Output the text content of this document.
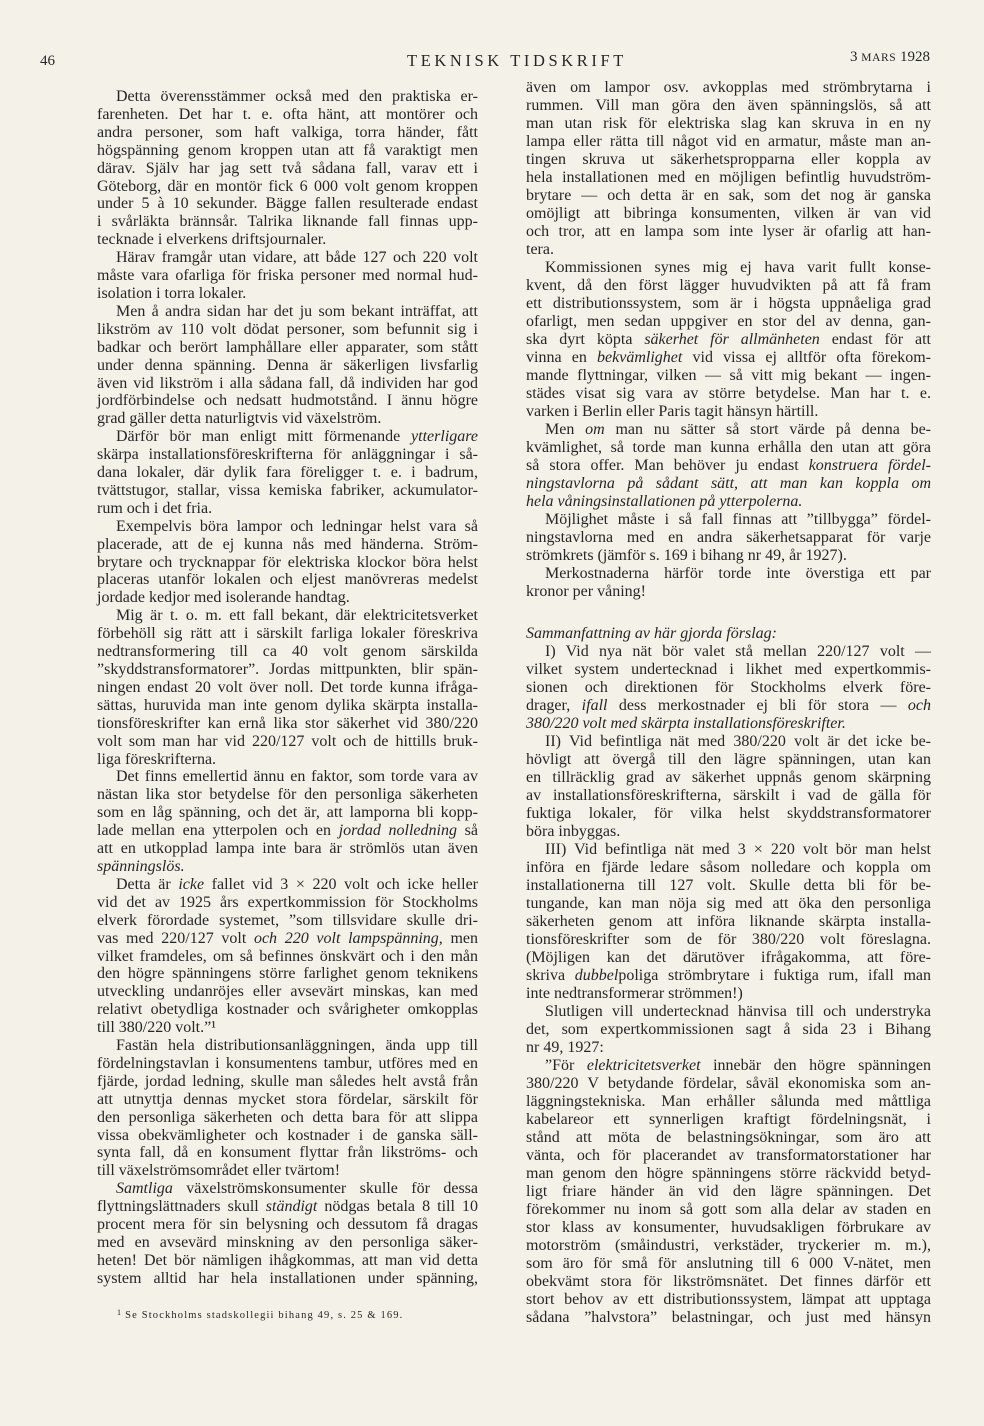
46	TEKNISK TIDSKRIFT	3 MARS 1928
Detta överensstämmer också med den praktiska er-
farenheten. Det har t. e. ofta hänt, att montörer och
andra personer, som haft valkiga, torra händer, fått
högspänning genom kroppen utan att få varaktigt men
därav. Själv har jag sett två sådana fall, varav ett i
Göteborg, där en montör fick 6 000 volt genom kroppen
under 5 à 10 sekunder. Bägge fallen resulterade endast
i svårläkta brännsår. Talrika liknande fall finnas upp-
tecknade i elverkens driftsjournaler.
Härav framgår utan vidare, att både 127 och 220 volt
måste vara ofarliga för friska personer med normal hud-
isolation i torra lokaler.
Men å andra sidan har det ju som bekant inträffat, att
likström av 110 volt dödat personer, som befunnit sig i
badkar och berört lamphållare eller apparater, som stått
under denna spänning. Denna är säkerligen livsfarlig
även vid likström i alla sådana fall, då individen har god
jordförbindelse och nedsatt hudmotstånd. I ännu högre
grad gäller detta naturligtvis vid växelström.
Därför bör man enligt mitt förmenande ytterligare
skärpa installationsföreskrifterna för anläggningar i så-
dana lokaler, där dylik fara föreligger t. e. i badrum,
tvättstugor, stallar, vissa kemiska fabriker, ackumulator-
rum och i det fria.
Exempelvis böra lampor och ledningar helst vara så
placerade, att de ej kunna nås med händerna. Ström-
brytare och trycknappar för elektriska klockor böra helst
placeras utanför lokalen och eljest manövreras medelst
jordade kedjor med isolerande handtag.
Mig är t. o. m. ett fall bekant, där elektricitetsverket
förbehöll sig rätt att i särskilt farliga lokaler föreskriva
nedtransformering till ca 40 volt genom särskilda
”skyddstransformatorer”. Jordas mittpunkten, blir spän-
ningen endast 20 volt över noll. Det torde kunna ifråga-
sättas, huruvida man inte genom dylika skärpta installa-
tionsföreskrifter kan ernå lika stor säkerhet vid 380/220
volt som man har vid 220/127 volt och de hittills bruk-
liga föreskrifterna.
Det finns emellertid ännu en faktor, som torde vara av
nästan lika stor betydelse för den personliga säkerheten
som en låg spänning, och det är, att lamporna bli kopp-
lade mellan ena ytterpolen och en jordad nolledning så
att en utkopplad lampa inte bara är strömlös utan även
spänningslös.
Detta är icke fallet vid 3 × 220 volt och icke heller
vid det av 1925 års expertkommission för Stockholms
elverk förordade systemet, ”som tillsvidare skulle dri-
vas med 220/127 volt och 220 volt lampspänning, men
vilket framdeles, om så befinnes önskvärt och i den mån
den högre spänningens större farlighet genom teknikens
utveckling undanröjes eller avsevärt minskas, kan med
relativt obetydliga kostnader och svårigheter omkopplas
till 380/220 volt.”¹
Fastän hela distributionsanläggningen, ända upp till
fördelningstavlan i konsumentens tambur, utföres med en
fjärde, jordad ledning, skulle man således helt avstå från
att utnyttja dennas mycket stora fördelar, särskilt för
den personliga säkerheten och detta bara för att slippa
vissa obekvämligheter och kostnader i de ganska säll-
synta fall, då en konsument flyttar från likströms- och
till växelströmsområdet eller tvärtom!
Samtliga växelströmskonsumenter skulle för dessa
flyttningslättnaders skull ständigt nödgas betala 8 till 10
procent mera för sin belysning och dessutom få dragas
med en avsevärd minskning av den personliga säker-
heten! Det bör nämligen ihågkommas, att man vid detta
system alltid har hela installationen under spänning,
även om lampor osv. avkopplas med strömbrytarna i
rummen. Vill man göra den även spänningslös, så att
man utan risk för elektriska slag kan skruva in en ny
lampa eller rätta till något vid en armatur, måste man an-
tingen skruva ut säkerhetspropparna eller koppla av
hela installationen med en möjligen befintlig huvudström-
brytare — och detta är en sak, som det nog är ganska
omöjligt att bibringa konsumenten, vilken är van vid
och tror, att en lampa som inte lyser är ofarlig att han-
tera.
Kommissionen synes mig ej hava varit fullt konse-
kvent, då den först lägger huvudvikten på att få fram
ett distributionssystem, som är i högsta uppnåeliga grad
ofarligt, men sedan uppgiver en stor del av denna, gan-
ska dyrt köpta säkerhet för allmänheten endast för att
vinna en bekvämlighet vid vissa ej alltför ofta förekom-
mande flyttningar, vilken — så vitt mig bekant — ingen-
städes visat sig vara av större betydelse. Man har t. e.
varken i Berlin eller Paris tagit hänsyn härtill.
Men om man nu sätter så stort värde på denna be-
kvämlighet, så torde man kunna erhålla den utan att göra
så stora offer. Man behöver ju endast konstruera fördel-
ningstavlorna på sådant sätt, att man kan koppla om
hela våningsinstallationen på ytterpolerna.
Möjlighet måste i så fall finnas att ”tillbygga” fördel-
ningstavlorna med en andra säkerhetsapparat för varje
strömkrets (jämför s. 169 i bihang nr 49, år 1927).
Merkostnaderna härför torde inte överstiga ett par
kronor per våning!
Sammanfattning av här gjorda förslag:
I) Vid nya nät bör valet stå mellan 220/127 volt —
vilket system undertecknad i likhet med expertkommis-
sionen och direktionen för Stockholms elverk före-
drager, ifall dess merkostnader ej bli för stora — och
380/220 volt med skärpta installationsföreskrifter.
II) Vid befintliga nät med 380/220 volt är det icke be-
hövligt att övergå till den lägre spänningen, utan kan
en tillräcklig grad av säkerhet uppnås genom skärpning
av installationsföreskrifterna, särskilt i vad de gälla för
fuktiga lokaler, för vilka helst skyddstransformatorer
böra inbyggas.
III) Vid befintliga nät med 3 × 220 volt bör man helst
införa en fjärde ledare såsom nolledare och koppla om
installationerna till 127 volt. Skulle detta bli för be-
tungande, kan man nöja sig med att öka den personliga
säkerheten genom att införa liknande skärpta installa-
tionsföreskrifter som de för 380/220 volt föreslagna.
(Möjligen kan det därutöver ifrågakomma, att före-
skriva dubbelpoliga strömbrytare i fuktiga rum, ifall man
inte nedtransformerar strömmen!)
Slutligen vill undertecknad hänvisa till och understryka
det, som expertkommissionen sagt å sida 23 i Bihang
nr 49, 1927:
”För elektricitetsverket innebär den högre spänningen
380/220 V betydande fördelar, såväl ekonomiska som an-
läggningstekniska. Man erhåller sålunda med måttliga
kabelareor ett synnerligen kraftigt fördelningsnät, i
stånd att möta de belastningsökningar, som äro att
vänta, och för placerandet av transformatorstationer har
man genom den högre spänningens större räckvidd betyd-
ligt friare händer än vid den lägre spänningen. Det
förekommer nu inom så gott som alla delar av staden en
stor klass av konsumenter, huvudsakligen förbrukare av
motorström (småindustri, verkstäder, tryckerier m. m.),
som äro för små för anslutning till 6 000 V-nätet, men
obekvämt stora för likströmsnätet. Det finnes därför ett
stort behov av ett distributionssystem, lämpat att upptaga
sådana ”halvstora” belastningar, och just med hänsyn
$^1$ Se Stockholms stadskollegii bihang 49, s. 25 & 169.
